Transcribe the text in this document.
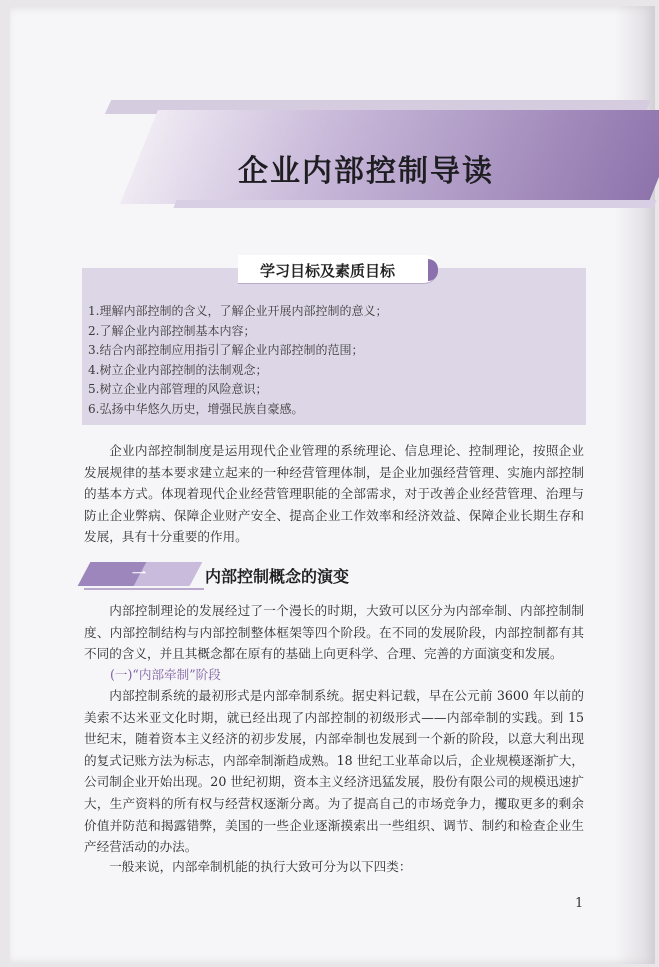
企业内部控制导读
学习目标及素质目标
1.理解内部控制的含义，了解企业开展内部控制的意义；
2.了解企业内部控制基本内容；
3.结合内部控制应用指引了解企业内部控制的范围；
4.树立企业内部控制的法制观念；
5.树立企业内部管理的风险意识；
6.弘扬中华悠久历史，增强民族自豪感。

企业内部控制制度是运用现代企业管理的系统理论、信息理论、控制理论，按照企业发展规律的基本要求建立起来的一种经营管理体制，是企业加强经营管理、实施内部控制的基本方式。体现着现代企业经营管理职能的全部需求，对于改善企业经营管理、治理与防止企业弊病、保障企业财产安全、提高企业工作效率和经济效益、保障企业长期生存和发展，具有十分重要的作用。

一	内部控制概念的演变

内部控制理论的发展经过了一个漫长的时期，大致可以区分为内部牵制、内部控制制度、内部控制结构与内部控制整体框架等四个阶段。在不同的发展阶段，内部控制都有其不同的含义，并且其概念都在原有的基础上向更科学、合理、完善的方面演变和发展。

(一)“内部牵制”阶段

内部控制系统的最初形式是内部牵制系统。据史料记载，早在公元前 3600 年以前的美索不达米亚文化时期，就已经出现了内部控制的初级形式——内部牵制的实践。到 15 世纪末，随着资本主义经济的初步发展，内部牵制也发展到一个新的阶段，以意大利出现的复式记账方法为标志，内部牵制渐趋成熟。18 世纪工业革命以后，企业规模逐渐扩大，公司制企业开始出现。20 世纪初期，资本主义经济迅猛发展，股份有限公司的规模迅速扩大，生产资料的所有权与经营权逐渐分离。为了提高自己的市场竞争力，攫取更多的剩余价值并防范和揭露错弊，美国的一些企业逐渐摸索出一些组织、调节、制约和检查企业生产经营活动的办法。

一般来说，内部牵制机能的执行大致可分为以下四类：

1
